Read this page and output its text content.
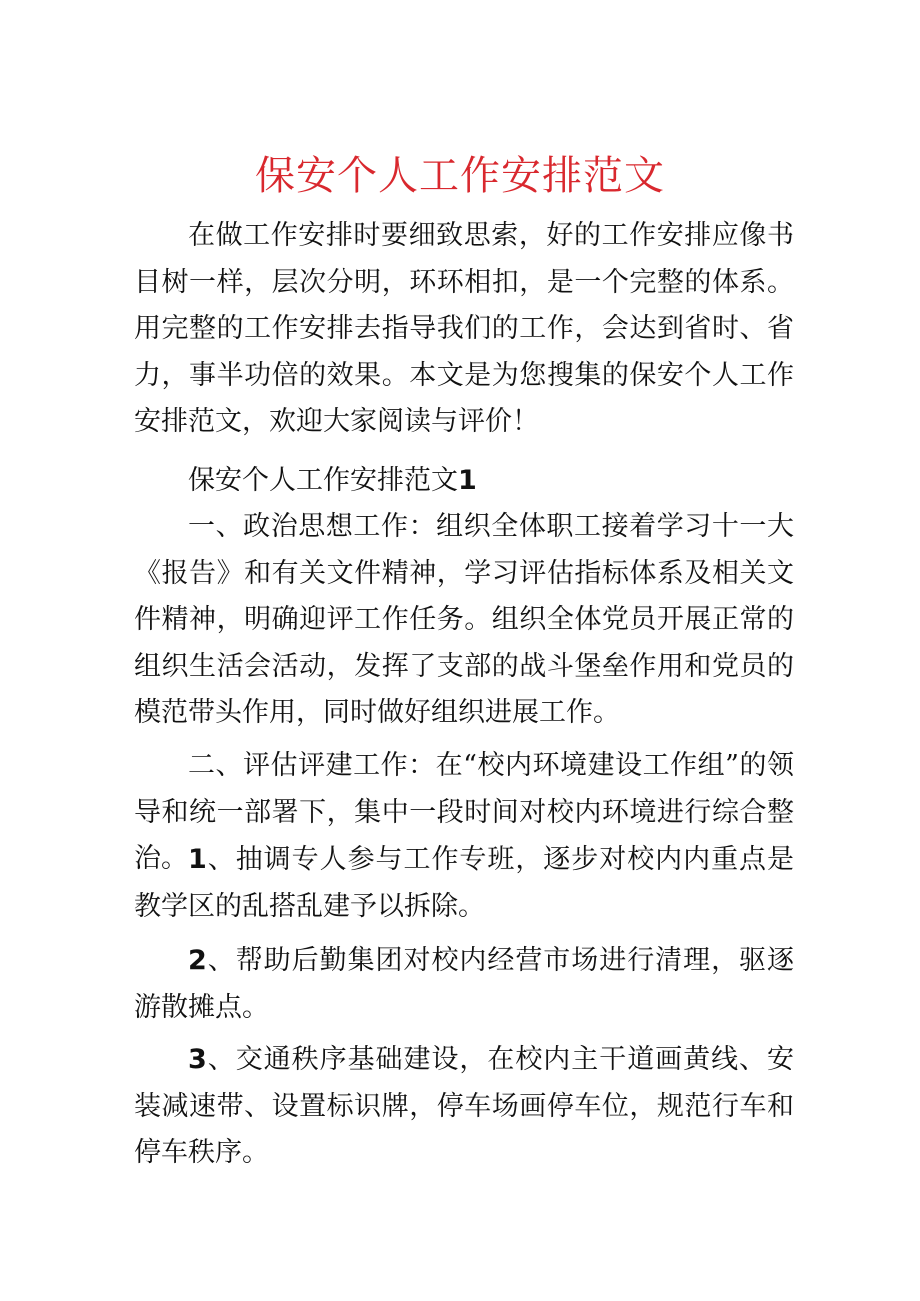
保安个人工作安排范文

在做工作安排时要细致思索，好的工作安排应像书目树一样，层次分明，环环相扣，是一个完整的体系。用完整的工作安排去指导我们的工作，会达到省时、省力，事半功倍的效果。本文是为您搜集的保安个人工作安排范文，欢迎大家阅读与评价！

保安个人工作安排范文1

一、政治思想工作：组织全体职工接着学习十一大《报告》和有关文件精神，学习评估指标体系及相关文件精神，明确迎评工作任务。组织全体党员开展正常的组织生活会活动，发挥了支部的战斗堡垒作用和党员的模范带头作用，同时做好组织进展工作。

二、评估评建工作：在“校内环境建设工作组”的领导和统一部署下，集中一段时间对校内环境进行综合整治。 1、抽调专人参与工作专班，逐步对校内内重点是教学区的乱搭乱建予以拆除。

2、帮助后勤集团对校内经营市场进行清理，驱逐游散摊点。

3、交通秩序基础建设，在校内主干道画黄线、安装减速带、设置标识牌，停车场画停车位，规范行车和停车秩序。
